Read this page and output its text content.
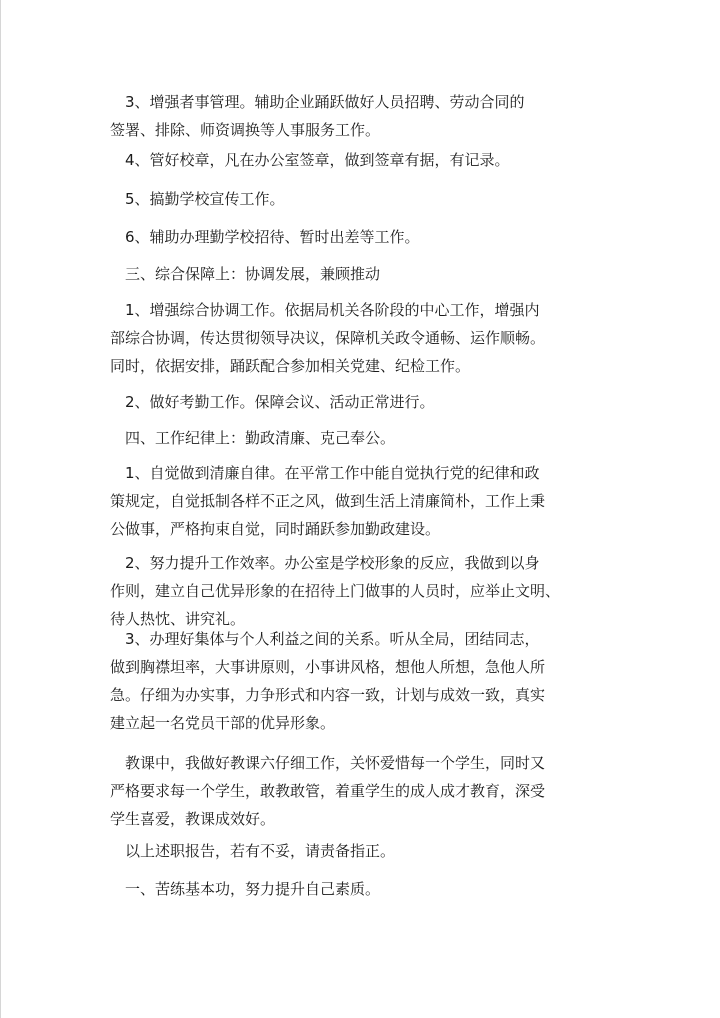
　3、增强者事管理。辅助企业踊跃做好人员招聘、劳动合同的
签署、排除、师资调换等人事服务工作。
　4、管好校章，凡在办公室签章，做到签章有据，有记录。
　5、搞勤学校宣传工作。
　6、辅助办理勤学校招待、暂时出差等工作。
　三、综合保障上：协调发展，兼顾推动
　1、增强综合协调工作。依据局机关各阶段的中心工作，增强内
部综合协调，传达贯彻领导决议，保障机关政令通畅、运作顺畅。
同时，依据安排，踊跃配合参加相关党建、纪检工作。
　2、做好考勤工作。保障会议、活动正常进行。
　四、工作纪律上：勤政清廉、克己奉公。
　1、自觉做到清廉自律。在平常工作中能自觉执行党的纪律和政
策规定，自觉抵制各样不正之风，做到生活上清廉简朴，工作上秉
公做事，严格拘束自觉，同时踊跃参加勤政建设。
　2、努力提升工作效率。办公室是学校形象的反应，我做到以身
作则，建立自己优异形象的在招待上门做事的人员时，应举止文明、
待人热忱、讲究礼。
　3、办理好集体与个人利益之间的关系。听从全局，团结同志，
做到胸襟坦率，大事讲原则，小事讲风格，想他人所想，急他人所
急。仔细为办实事，力争形式和内容一致，计划与成效一致，真实
建立起一名党员干部的优异形象。
　教课中，我做好教课六仔细工作，关怀爱惜每一个学生，同时又
严格要求每一个学生，敢教敢管，着重学生的成人成才教育，深受
学生喜爱，教课成效好。
　以上述职报告，若有不妥，请责备指正。
　一、苦练基本功，努力提升自己素质。
